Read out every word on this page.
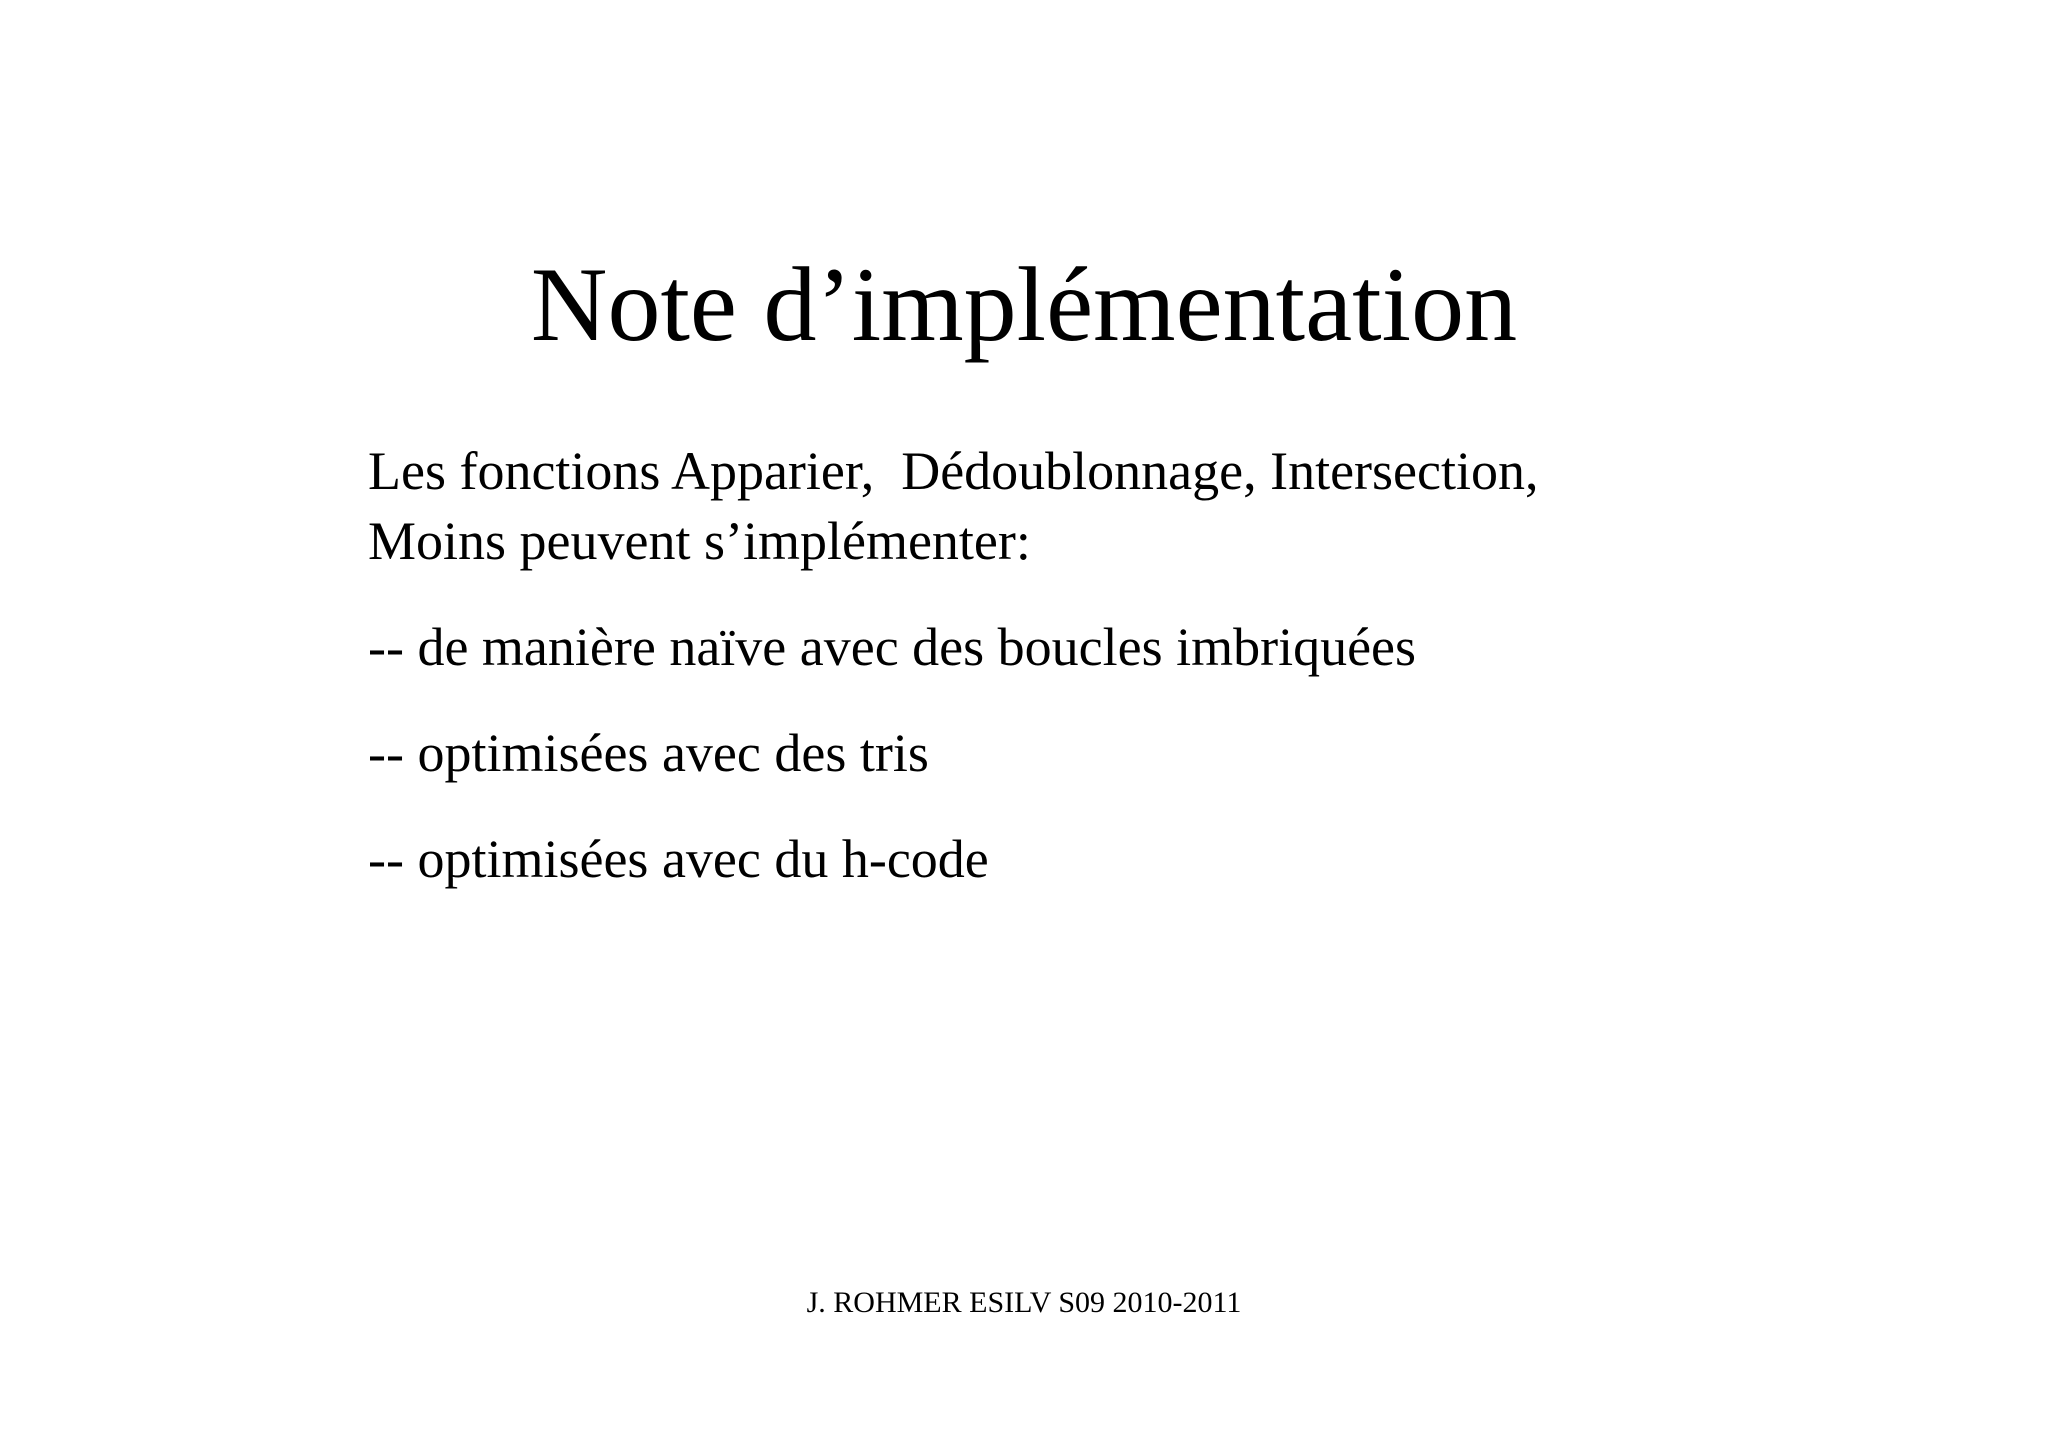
Note d’implémentation
Les fonctions Apparier,  Dédoublonnage, Intersection,
Moins peuvent s’implémenter:
-- de manière naïve avec des boucles imbriquées
-- optimisées avec des tris
-- optimisées avec du h-code
J. ROHMER ESILV S09 2010-2011
